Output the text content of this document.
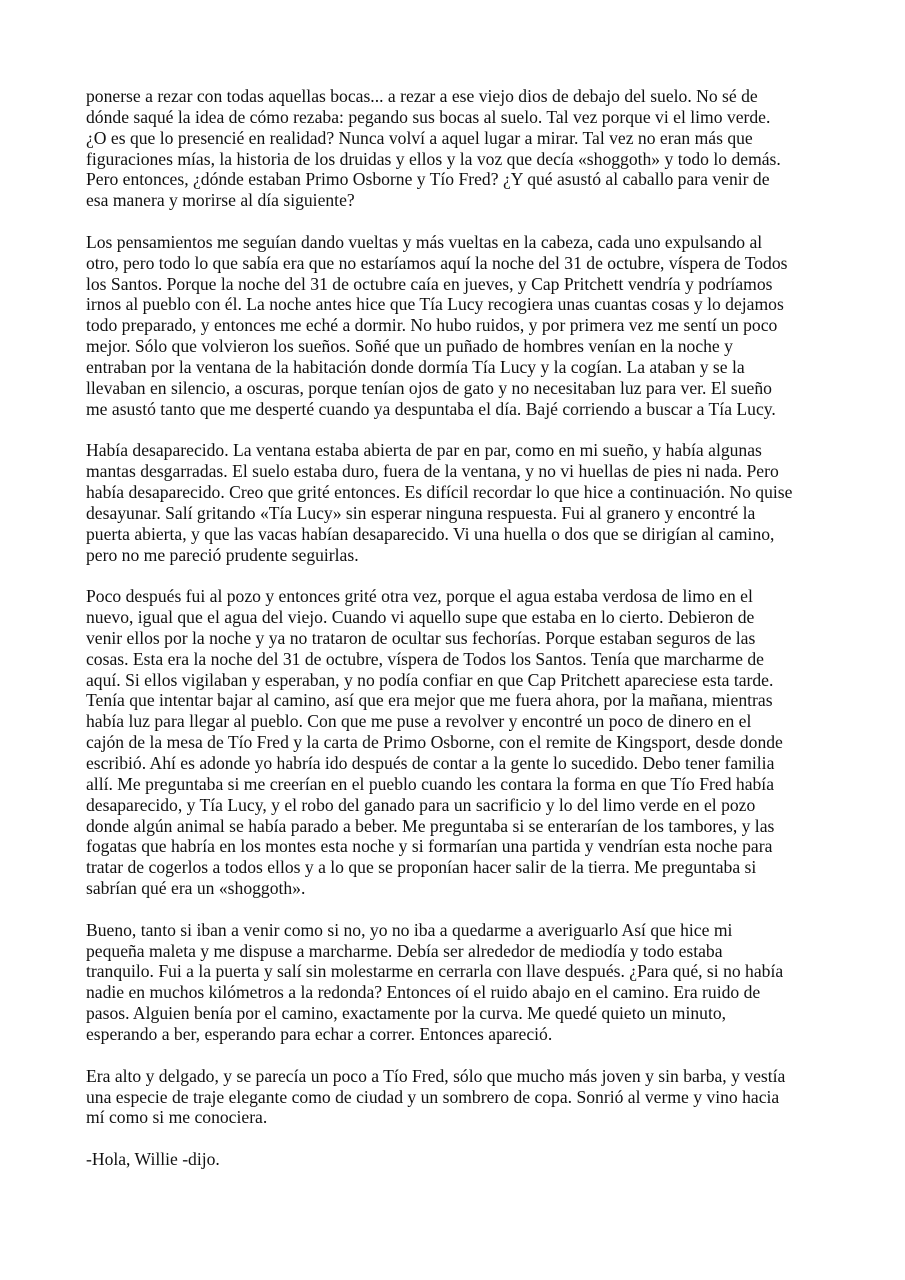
ponerse a rezar con todas aquellas bocas... a rezar a ese viejo dios de debajo del suelo. No sé de
dónde saqué la idea de cómo rezaba: pegando sus bocas al suelo. Tal vez porque vi el limo verde.
¿O es que lo presencié en realidad? Nunca volví a aquel lugar a mirar. Tal vez no eran más que
figuraciones mías, la historia de los druidas y ellos y la voz que decía «shoggoth» y todo lo demás.
Pero entonces, ¿dónde estaban Primo Osborne y Tío Fred? ¿Y qué asustó al caballo para venir de
esa manera y morirse al día siguiente?

Los pensamientos me seguían dando vueltas y más vueltas en la cabeza, cada uno expulsando al
otro, pero todo lo que sabía era que no estaríamos aquí la noche del 31 de octubre, víspera de Todos
los Santos. Porque la noche del 31 de octubre caía en jueves, y Cap Pritchett vendría y podríamos
irnos al pueblo con él. La noche antes hice que Tía Lucy recogiera unas cuantas cosas y lo dejamos
todo preparado, y entonces me eché a dormir. No hubo ruidos, y por primera vez me sentí un poco
mejor. Sólo que volvieron los sueños. Soñé que un puñado de hombres venían en la noche y
entraban por la ventana de la habitación donde dormía Tía Lucy y la cogían. La ataban y se la
llevaban en silencio, a oscuras, porque tenían ojos de gato y no necesitaban luz para ver. El sueño
me asustó tanto que me desperté cuando ya despuntaba el día. Bajé corriendo a buscar a Tía Lucy.

Había desaparecido. La ventana estaba abierta de par en par, como en mi sueño, y había algunas
mantas desgarradas. El suelo estaba duro, fuera de la ventana, y no vi huellas de pies ni nada. Pero
había desaparecido. Creo que grité entonces. Es difícil recordar lo que hice a continuación. No quise
desayunar. Salí gritando «Tía Lucy» sin esperar ninguna respuesta. Fui al granero y encontré la
puerta abierta, y que las vacas habían desaparecido. Vi una huella o dos que se dirigían al camino,
pero no me pareció prudente seguirlas.

Poco después fui al pozo y entonces grité otra vez, porque el agua estaba verdosa de limo en el
nuevo, igual que el agua del viejo. Cuando vi aquello supe que estaba en lo cierto. Debieron de
venir ellos por la noche y ya no trataron de ocultar sus fechorías. Porque estaban seguros de las
cosas. Esta era la noche del 31 de octubre, víspera de Todos los Santos. Tenía que marcharme de
aquí. Si ellos vigilaban y esperaban, y no podía confiar en que Cap Pritchett apareciese esta tarde.
Tenía que intentar bajar al camino, así que era mejor que me fuera ahora, por la mañana, mientras
había luz para llegar al pueblo. Con que me puse a revolver y encontré un poco de dinero en el
cajón de la mesa de Tío Fred y la carta de Primo Osborne, con el remite de Kingsport, desde donde
escribió. Ahí es adonde yo habría ido después de contar a la gente lo sucedido. Debo tener familia
allí. Me preguntaba si me creerían en el pueblo cuando les contara la forma en que Tío Fred había
desaparecido, y Tía Lucy, y el robo del ganado para un sacrificio y lo del limo verde en el pozo
donde algún animal se había parado a beber. Me preguntaba si se enterarían de los tambores, y las
fogatas que habría en los montes esta noche y si formarían una partida y vendrían esta noche para
tratar de cogerlos a todos ellos y a lo que se proponían hacer salir de la tierra. Me preguntaba si
sabrían qué era un «shoggoth».

Bueno, tanto si iban a venir como si no, yo no iba a quedarme a averiguarlo Así que hice mi
pequeña maleta y me dispuse a marcharme. Debía ser alrededor de mediodía y todo estaba
tranquilo. Fui a la puerta y salí sin molestarme en cerrarla con llave después. ¿Para qué, si no había
nadie en muchos kilómetros a la redonda? Entonces oí el ruido abajo en el camino. Era ruido de
pasos. Alguien benía por el camino, exactamente por la curva. Me quedé quieto un minuto,
esperando a ber, esperando para echar a correr. Entonces apareció.

Era alto y delgado, y se parecía un poco a Tío Fred, sólo que mucho más joven y sin barba, y vestía
una especie de traje elegante como de ciudad y un sombrero de copa. Sonrió al verme y vino hacia
mí como si me conociera.

-Hola, Willie -dijo.
